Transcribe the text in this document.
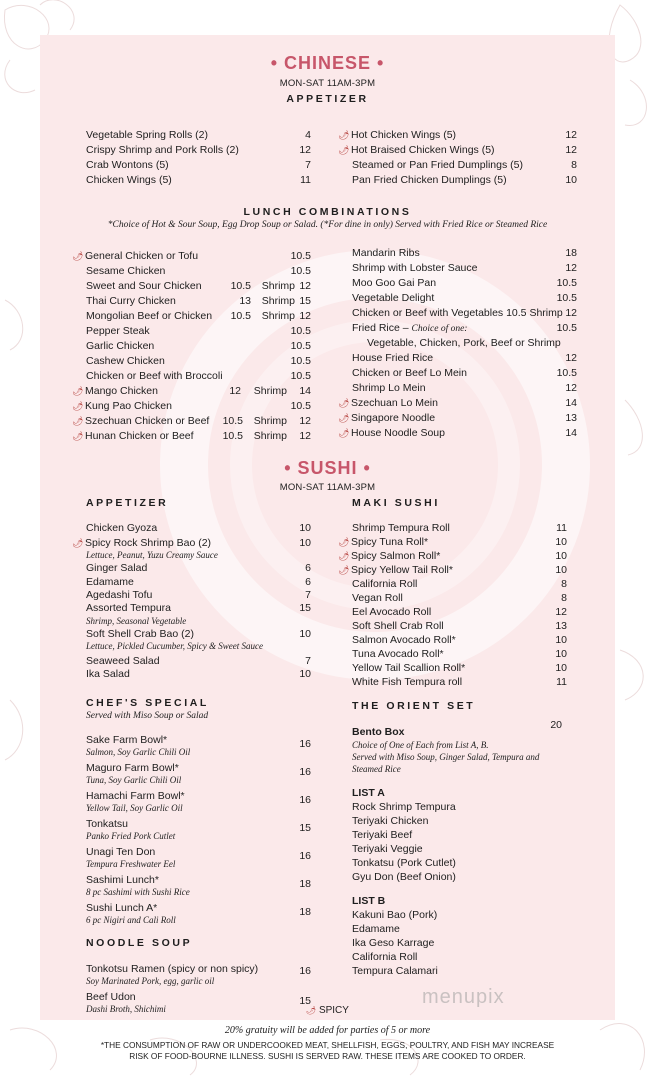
• CHINESE •
MON-SAT 11AM-3PM
APPETIZER
Vegetable Spring Rolls (2)	4
Crispy Shrimp and Pork Rolls (2)	12
Crab Wontons (5)	7
Chicken Wings (5)	11
🌶 Hot Chicken Wings (5)	12
🌶 Hot Braised Chicken Wings (5)	12
Steamed or Pan Fried Dumplings (5)	8
Pan Fried Chicken Dumplings (5)	10
LUNCH COMBINATIONS
*Choice of Hot & Sour Soup, Egg Drop Soup or Salad. (*For dine in only) Served with Fried Rice or Steamed Rice
🌶 General Chicken or Tofu	10.5
Sesame Chicken	10.5
Sweet and Sour Chicken	10.5	Shrimp 12
Thai Curry Chicken	13	Shrimp 15
Mongolian Beef or Chicken	10.5	Shrimp 12
Pepper Steak	10.5
Garlic Chicken	10.5
Cashew Chicken	10.5
Chicken or Beef with Broccoli	10.5
🌶 Mango Chicken	12	Shrimp	14
🌶 Kung Pao Chicken	10.5
🌶 Szechuan Chicken or Beef	10.5	Shrimp	12
🌶 Hunan Chicken or Beef	10.5	Shrimp	12
Mandarin Ribs	18
Shrimp with Lobster Sauce	12
Moo Goo Gai Pan	10.5
Vegetable Delight	10.5
Chicken or Beef with Vegetables 10.5 Shrimp 12
Fried Rice – Choice of one:	10.5
Vegetable, Chicken, Pork, Beef or Shrimp
House Fried Rice	12
Chicken or Beef Lo Mein	10.5
Shrimp Lo Mein	12
🌶 Szechuan Lo Mein	14
🌶 Singapore Noodle	13
🌶 House Noodle Soup	14
• SUSHI •
MON-SAT 11AM-3PM
APPETIZER
Chicken Gyoza	10
🌶 Spicy Rock Shrimp Bao (2)	10
Lettuce, Peanut, Yuzu Creamy Sauce
Ginger Salad	6
Edamame	6
Agedashi Tofu	7
Assorted Tempura	15
Shrimp, Seasonal Vegetable
Soft Shell Crab Bao (2)	10
Lettuce, Pickled Cucumber, Spicy & Sweet Sauce
Seaweed Salad	7
Ika Salad	10
CHEF'S SPECIAL
Served with Miso Soup or Salad
Sake Farm Bowl*	16
Salmon, Soy Garlic Chili Oil
Maguro Farm Bowl*	16
Tuna, Soy Garlic Chili Oil
Hamachi Farm Bowl*	16
Yellow Tail, Soy Garlic Oil
Tonkatsu	15
Panko Fried Pork Cutlet
Unagi Ten Don	16
Tempura Freshwater Eel
Sashimi Lunch*	18
8 pc Sashimi with Sushi Rice
Sushi Lunch A*	18
6 pc Nigiri and Cali Roll
NOODLE SOUP
Tonkotsu Ramen (spicy or non spicy)	16
Soy Marinated Pork, egg, garlic oil
Beef Udon	15
Dashi Broth, Shichimi	🌶 SPICY
MAKI SUSHI
Shrimp Tempura Roll	11
🌶 Spicy Tuna Roll*	10
🌶 Spicy Salmon Roll*	10
🌶 Spicy Yellow Tail Roll*	10
California Roll	8
Vegan Roll	8
Eel Avocado Roll	12
Soft Shell Crab Roll	13
Salmon Avocado Roll*	10
Tuna Avocado Roll*	10
Yellow Tail Scallion Roll*	10
White Fish Tempura roll	11
THE ORIENT SET
20
Bento Box
Choice of One of Each from List A, B.
Served with Miso Soup, Ginger Salad, Tempura and
Steamed Rice
LIST A
Rock Shrimp Tempura
Teriyaki Chicken
Teriyaki Beef
Teriyaki Veggie
Tonkatsu (Pork Cutlet)
Gyu Don (Beef Onion)
LIST B
Kakuni Bao (Pork)
Edamame
Ika Geso Karrage
California Roll
Tempura Calamari
menupix
20% gratuity will be added for parties of 5 or more
*THE CONSUMPTION OF RAW OR UNDERCOOKED MEAT, SHELLFISH, EGGS, POULTRY, AND FISH MAY INCREASE
RISK OF FOOD-BOURNE ILLNESS. SUSHI IS SERVED RAW. THESE ITEMS ARE COOKED TO ORDER.
